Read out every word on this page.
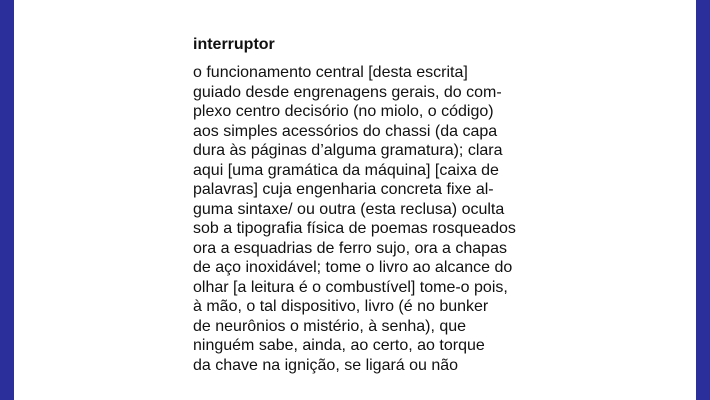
interruptor
o funcionamento central [desta escrita]
guiado desde engrenagens gerais, do com-
plexo centro decisório (no miolo, o código)
aos simples acessórios do chassi (da capa
dura às páginas d’alguma gramatura); clara
aqui [uma gramática da máquina] [caixa de
palavras] cuja engenharia concreta fixe al-
guma sintaxe/ ou outra (esta reclusa) oculta
sob a tipografia física de poemas rosqueados
ora a esquadrias de ferro sujo, ora a chapas
de aço inoxidável; tome o livro ao alcance do
olhar [a leitura é o combustível] tome-o pois,
à mão, o tal dispositivo, livro (é no bunker
de neurônios o mistério, à senha), que
ninguém sabe, ainda, ao certo, ao torque
da chave na ignição, se ligará ou não
